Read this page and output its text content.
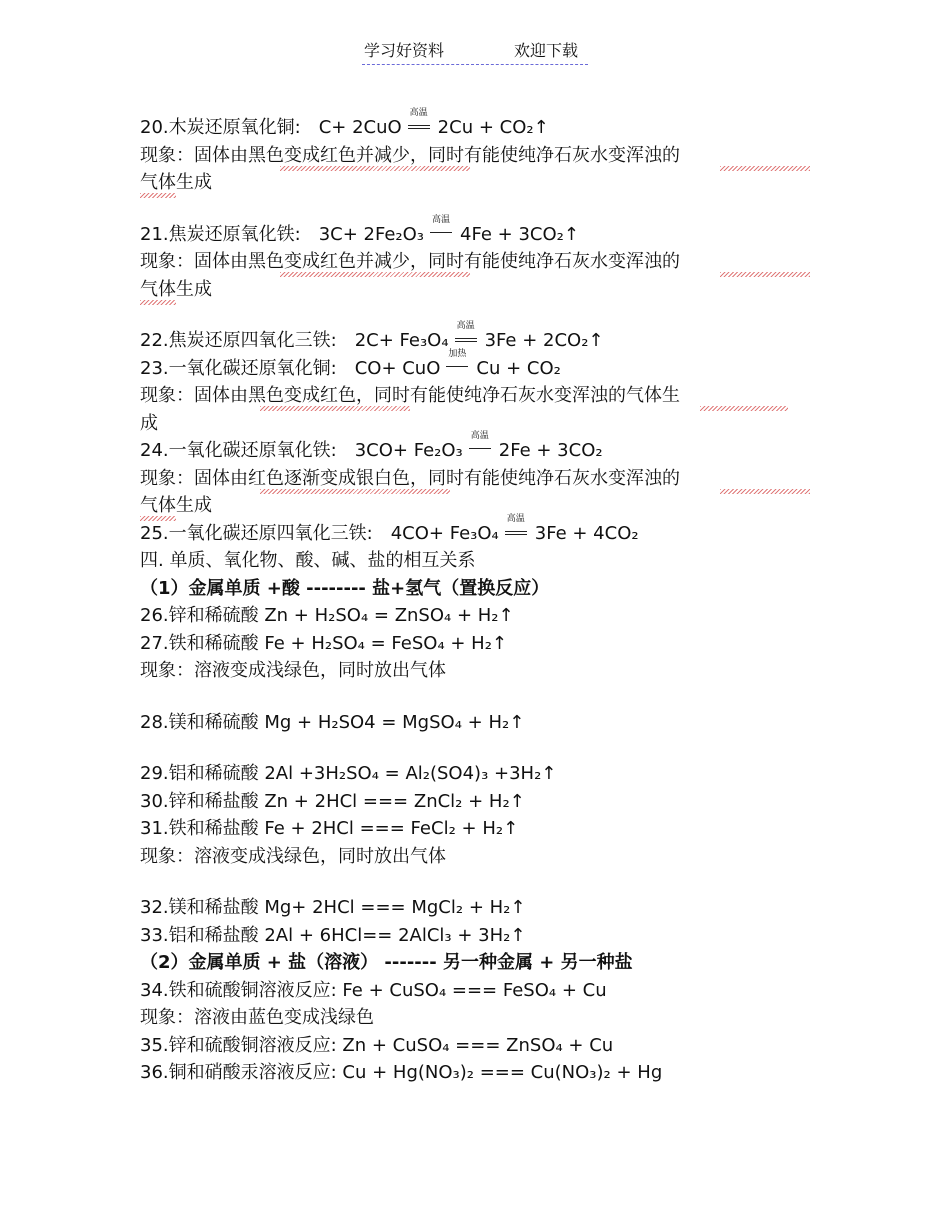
学习好资料	欢迎下载
20.木炭还原氧化铜: C+ 2CuO
高温
2Cu + CO₂↑
现象：固体由黑色变成红色并减少，同时有能使纯净石灰水变浑浊的
气体生成
21.焦炭还原氧化铁: 3C+ 2Fe₂O₃
高温
4Fe + 3CO₂↑
现象：固体由黑色变成红色并减少，同时有能使纯净石灰水变浑浊的
气体生成
22.焦炭还原四氧化三铁: 2C+ Fe₃O₄
高温
3Fe + 2CO₂↑
23.一氧化碳还原氧化铜: CO+ CuO
加热
Cu + CO₂
现象：固体由黑色变成红色，同时有能使纯净石灰水变浑浊的气体生
成
24.一氧化碳还原氧化铁: 3CO+ Fe₂O₃
高温
2Fe + 3CO₂
现象：固体由红色逐渐变成银白色，同时有能使纯净石灰水变浑浊的
气体生成
25.一氧化碳还原四氧化三铁: 4CO+ Fe₃O₄
高温
3Fe + 4CO₂
四. 单质、氧化物、酸、碱、盐的相互关系
（1）金属单质 +酸 -------- 盐+氢气（置换反应）
26.锌和稀硫酸 Zn + H₂SO₄ = ZnSO₄ + H₂↑
27.铁和稀硫酸 Fe + H₂SO₄ = FeSO₄ + H₂↑
现象：溶液变成浅绿色，同时放出气体
28.镁和稀硫酸 Mg + H₂SO4 = MgSO₄ + H₂↑
29.铝和稀硫酸 2Al +3H₂SO₄ = Al₂(SO4)₃ +3H₂↑
30.锌和稀盐酸 Zn + 2HCl === ZnCl₂ + H₂↑
31.铁和稀盐酸 Fe + 2HCl === FeCl₂ + H₂↑
现象：溶液变成浅绿色，同时放出气体
32.镁和稀盐酸 Mg+ 2HCl === MgCl₂ + H₂↑
33.铝和稀盐酸 2Al + 6HCl== 2AlCl₃ + 3H₂↑
（2）金属单质 + 盐（溶液） ------- 另一种金属 + 另一种盐
34.铁和硫酸铜溶液反应: Fe + CuSO₄ === FeSO₄ + Cu
现象：溶液由蓝色变成浅绿色
35.锌和硫酸铜溶液反应: Zn + CuSO₄ === ZnSO₄ + Cu
36.铜和硝酸汞溶液反应: Cu + Hg(NO₃)₂ === Cu(NO₃)₂ + Hg
